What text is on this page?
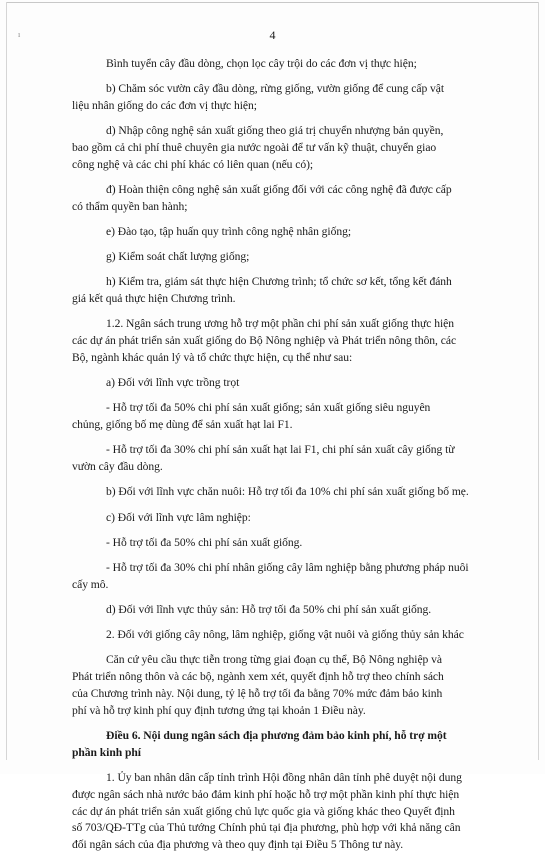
ı	4
Bình tuyển cây đầu dòng, chọn lọc cây trội do các đơn vị thực hiện;
b) Chăm sóc vườn cây đầu dòng, rừng giống, vườn giống để cung cấp vật
liệu nhân giống do các đơn vị thực hiện;
d) Nhập công nghệ sản xuất giống theo giá trị chuyển nhượng bản quyền,
bao gồm cả chi phí thuê chuyên gia nước ngoài để tư vấn kỹ thuật, chuyển giao
công nghệ và các chi phí khác có liên quan (nếu có);
đ) Hoàn thiện công nghệ sản xuất giống đối với các công nghệ đã được cấp
có thẩm quyền ban hành;
e) Đào tạo, tập huấn quy trình công nghệ nhân giống;
g) Kiểm soát chất lượng giống;
h) Kiểm tra, giám sát thực hiện Chương trình; tổ chức sơ kết, tổng kết đánh
giá kết quả thực hiện Chương trình.
1.2. Ngân sách trung ương hỗ trợ một phần chi phí sản xuất giống thực hiện
các dự án phát triển sản xuất giống do Bộ Nông nghiệp và Phát triển nông thôn, các
Bộ, ngành khác quản lý và tổ chức thực hiện, cụ thể như sau:
a) Đối với lĩnh vực trồng trọt
- Hỗ trợ tối đa 50% chi phí sản xuất giống; sản xuất giống siêu nguyên
chủng, giống bố mẹ dùng để sản xuất hạt lai F1.
- Hỗ trợ tối đa 30% chi phí sản xuất hạt lai F1, chi phí sản xuất cây giống từ
vườn cây đầu dòng.
b) Đối với lĩnh vực chăn nuôi: Hỗ trợ tối đa 10% chi phí sản xuất giống bố mẹ.
c) Đối với lĩnh vực lâm nghiệp:
- Hỗ trợ tối đa 50% chi phí sản xuất giống.
- Hỗ trợ tối đa 30% chi phí nhân giống cây lâm nghiệp bằng phương pháp nuôi
cấy mô.
d) Đối với lĩnh vực thủy sản: Hỗ trợ tối đa 50% chi phí sản xuất giống.
2. Đối với giống cây nông, lâm nghiệp, giống vật nuôi và giống thủy sản khác
Căn cứ yêu cầu thực tiễn trong từng giai đoạn cụ thể, Bộ Nông nghiệp và
Phát triển nông thôn và các bộ, ngành xem xét, quyết định hỗ trợ theo chính sách
của Chương trình này. Nội dung, tỷ lệ hỗ trợ tối đa bằng 70% mức đảm bảo kinh
phí và hỗ trợ kinh phí quy định tương ứng tại khoản 1 Điều này.
Điều 6. Nội dung ngân sách địa phương đảm bảo kinh phí, hỗ trợ một
phần kinh phí
1. Ủy ban nhân dân cấp tỉnh trình Hội đồng nhân dân tỉnh phê duyệt nội dung
được ngân sách nhà nước bảo đảm kinh phí hoặc hỗ trợ một phần kinh phí thực hiện
các dự án phát triển sản xuất giống chủ lực quốc gia và giống khác theo Quyết định
số 703/QĐ-TTg của Thủ tướng Chính phủ tại địa phương, phù hợp với khả năng cân
đối ngân sách của địa phương và theo quy định tại Điều 5 Thông tư này.
